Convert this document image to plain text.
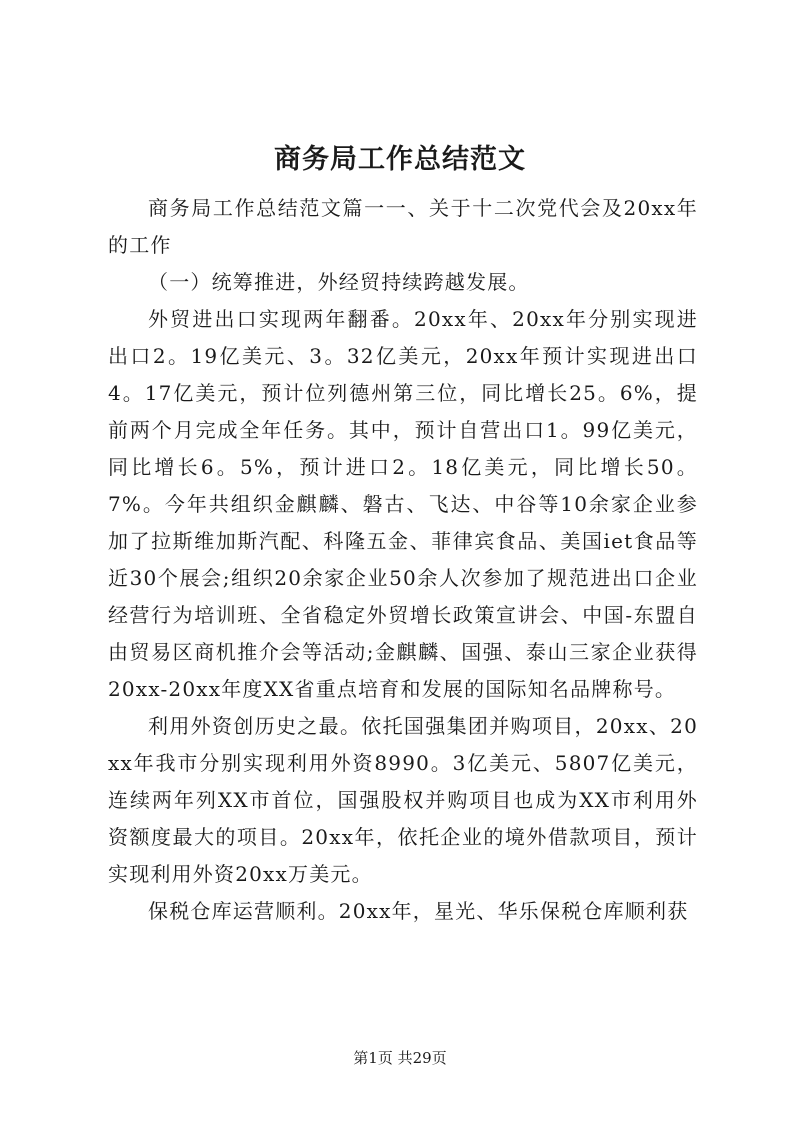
商务局工作总结范文

商务局工作总结范文篇一一、关于十二次党代会及20xx年的工作

（一）统筹推进，外经贸持续跨越发展。

外贸进出口实现两年翻番。20xx年、20xx年分别实现进出口2。19亿美元、3。32亿美元，20xx年预计实现进出口4。17亿美元，预计位列德州第三位，同比增长25。6%，提前两个月完成全年任务。其中，预计自营出口1。99亿美元，同比增长6。5%，预计进口2。18亿美元，同比增长50。7%。今年共组织金麒麟、磐古、飞达、中谷等10余家企业参加了拉斯维加斯汽配、科隆五金、菲律宾食品、美国iet食品等近30个展会;组织20余家企业50余人次参加了规范进出口企业经营行为培训班、全省稳定外贸增长政策宣讲会、中国-东盟自由贸易区商机推介会等活动;金麒麟、国强、泰山三家企业获得20xx-20xx年度XX省重点培育和发展的国际知名品牌称号。

利用外资创历史之最。依托国强集团并购项目，20xx、20xx年我市分别实现利用外资8990。3亿美元、5807亿美元，连续两年列XX市首位，国强股权并购项目也成为XX市利用外资额度最大的项目。20xx年，依托企业的境外借款项目，预计实现利用外资20xx万美元。

保税仓库运营顺利。20xx年，星光、华乐保税仓库顺利获

第1页 共29页
